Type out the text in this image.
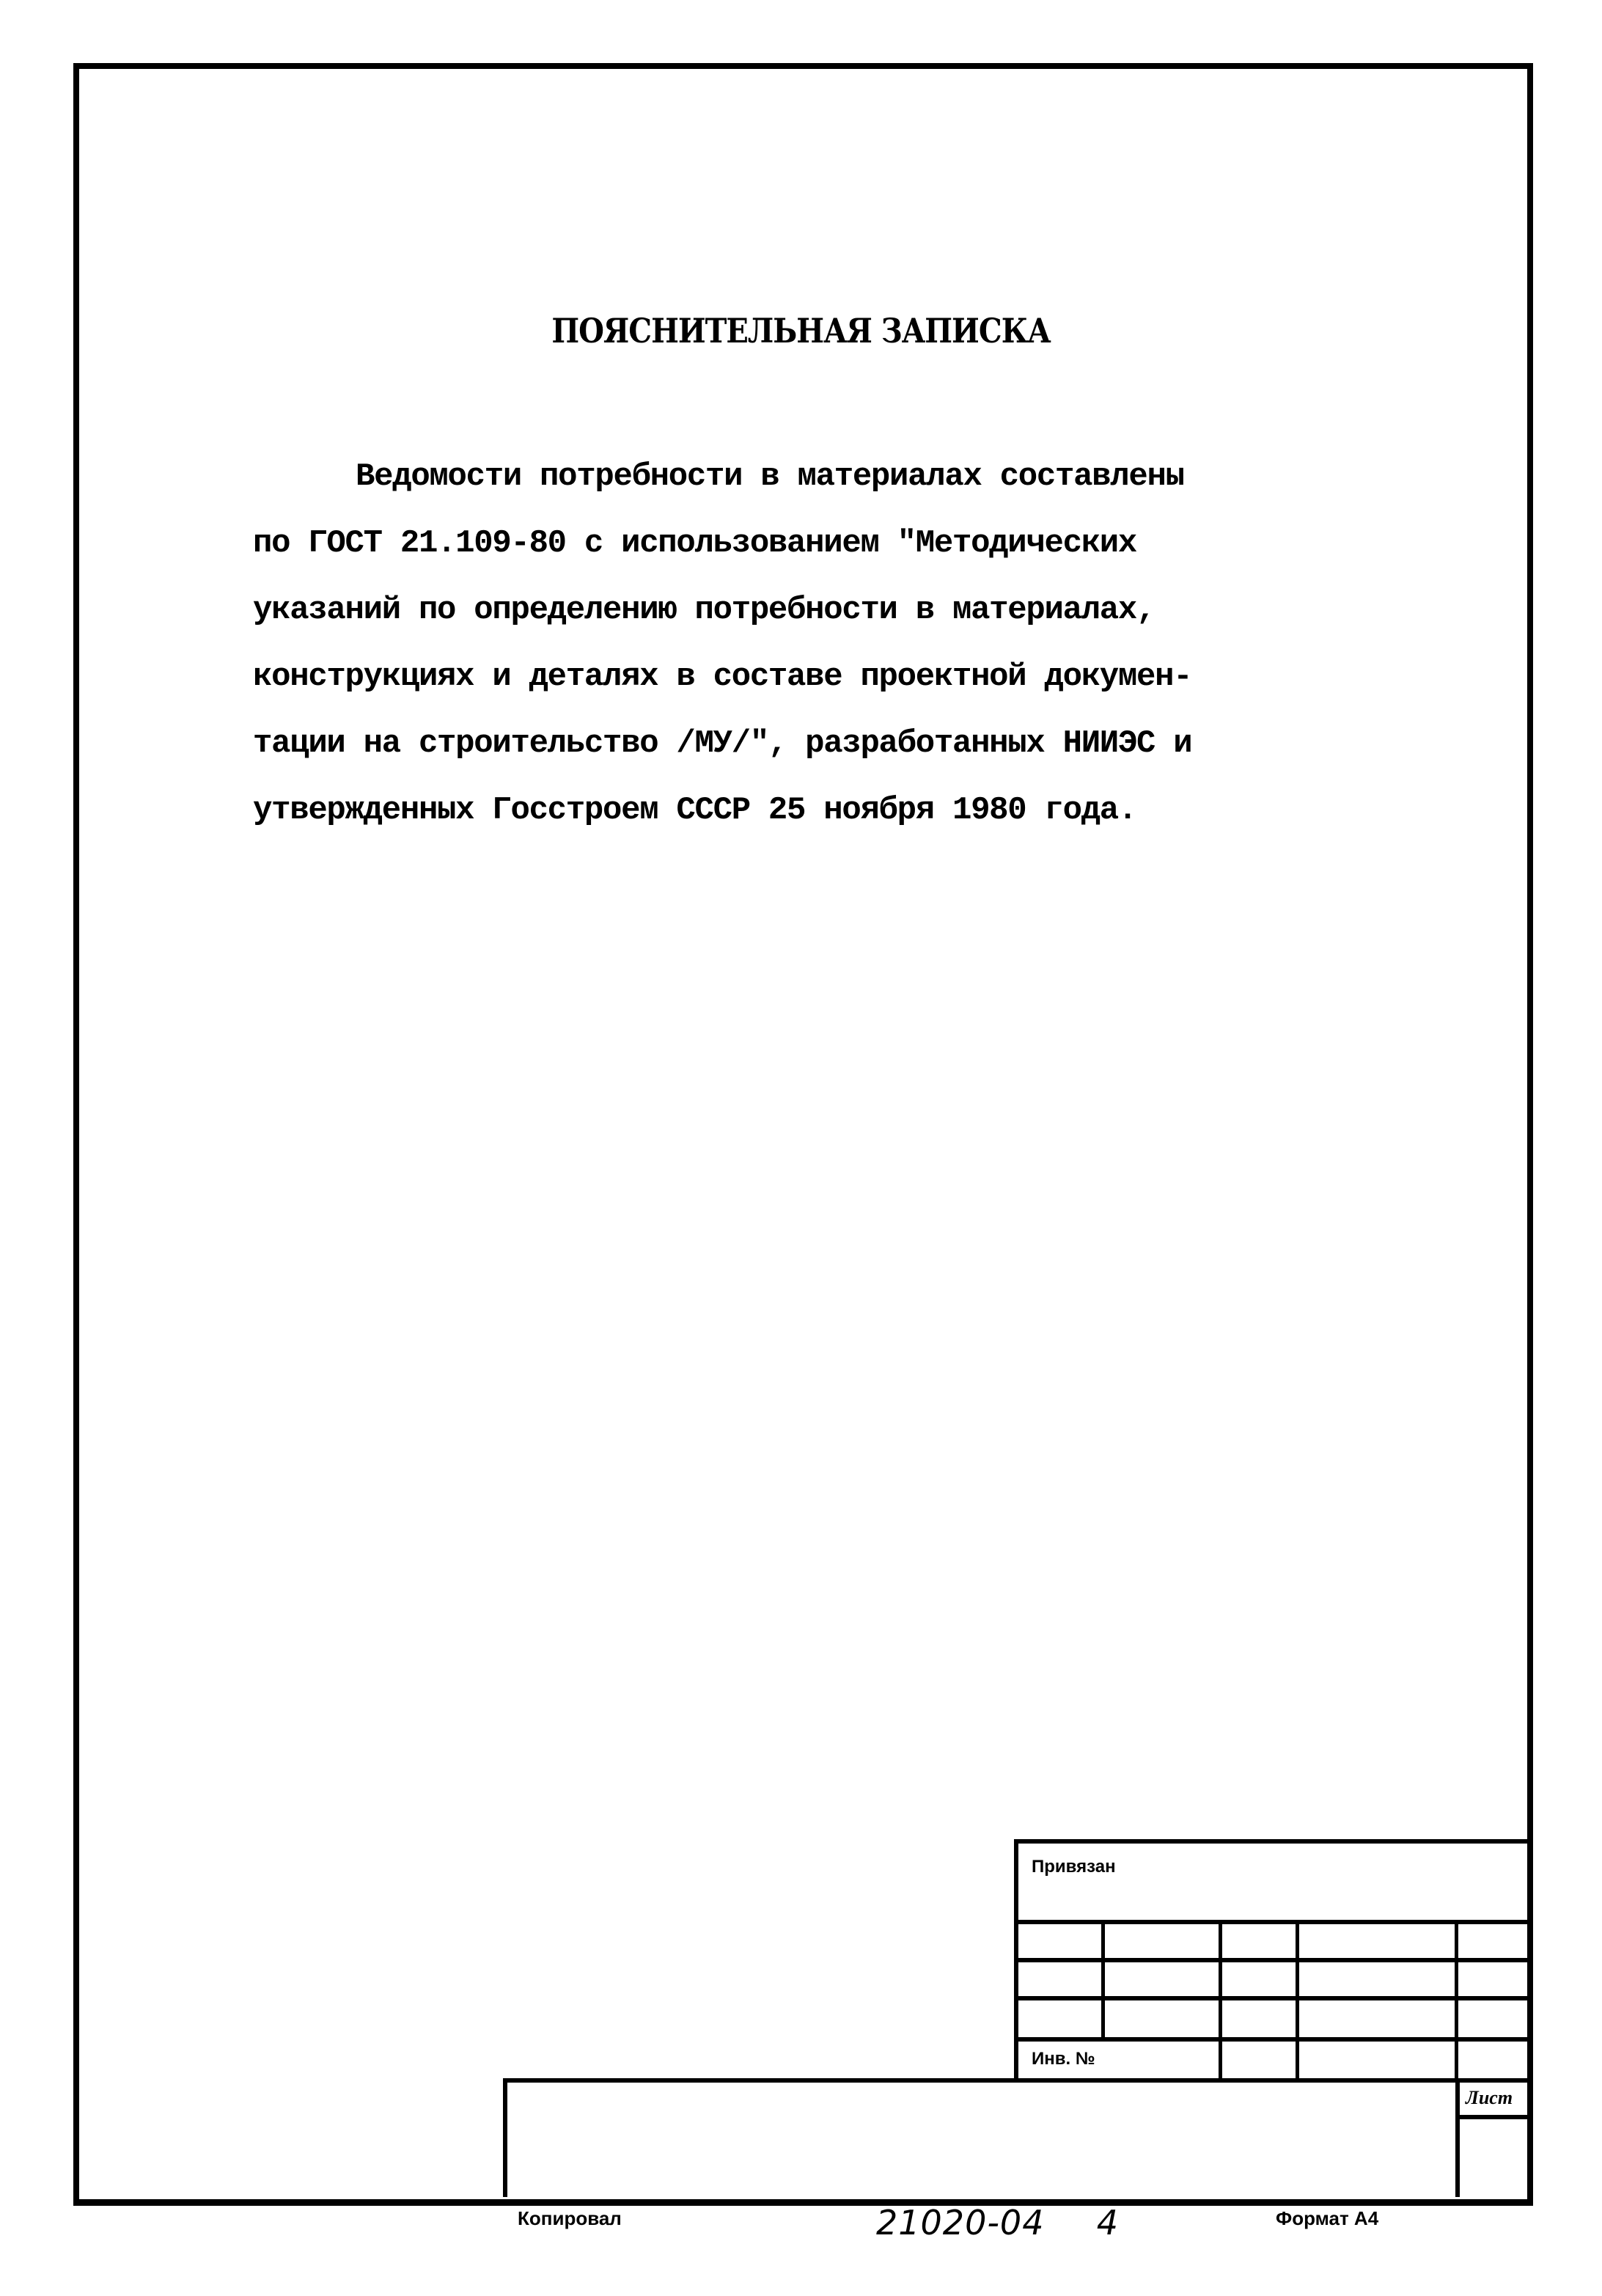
ПОЯСНИТЕЛЬНАЯ ЗАПИСКА
Ведомости потребности в материалах составлены
по ГОСТ 21.109-80 с использованием "Методических
указаний по определению потребности в материалах,
конструкциях и деталях в составе проектной докумен-
тации на строительство /МУ/", разработанных НИИЭС и
утвержденных Госстроем СССР 25 ноября 1980 года.
Привязан
Инв. №
Лист
Копировал	21020-04 4	Формат А4
